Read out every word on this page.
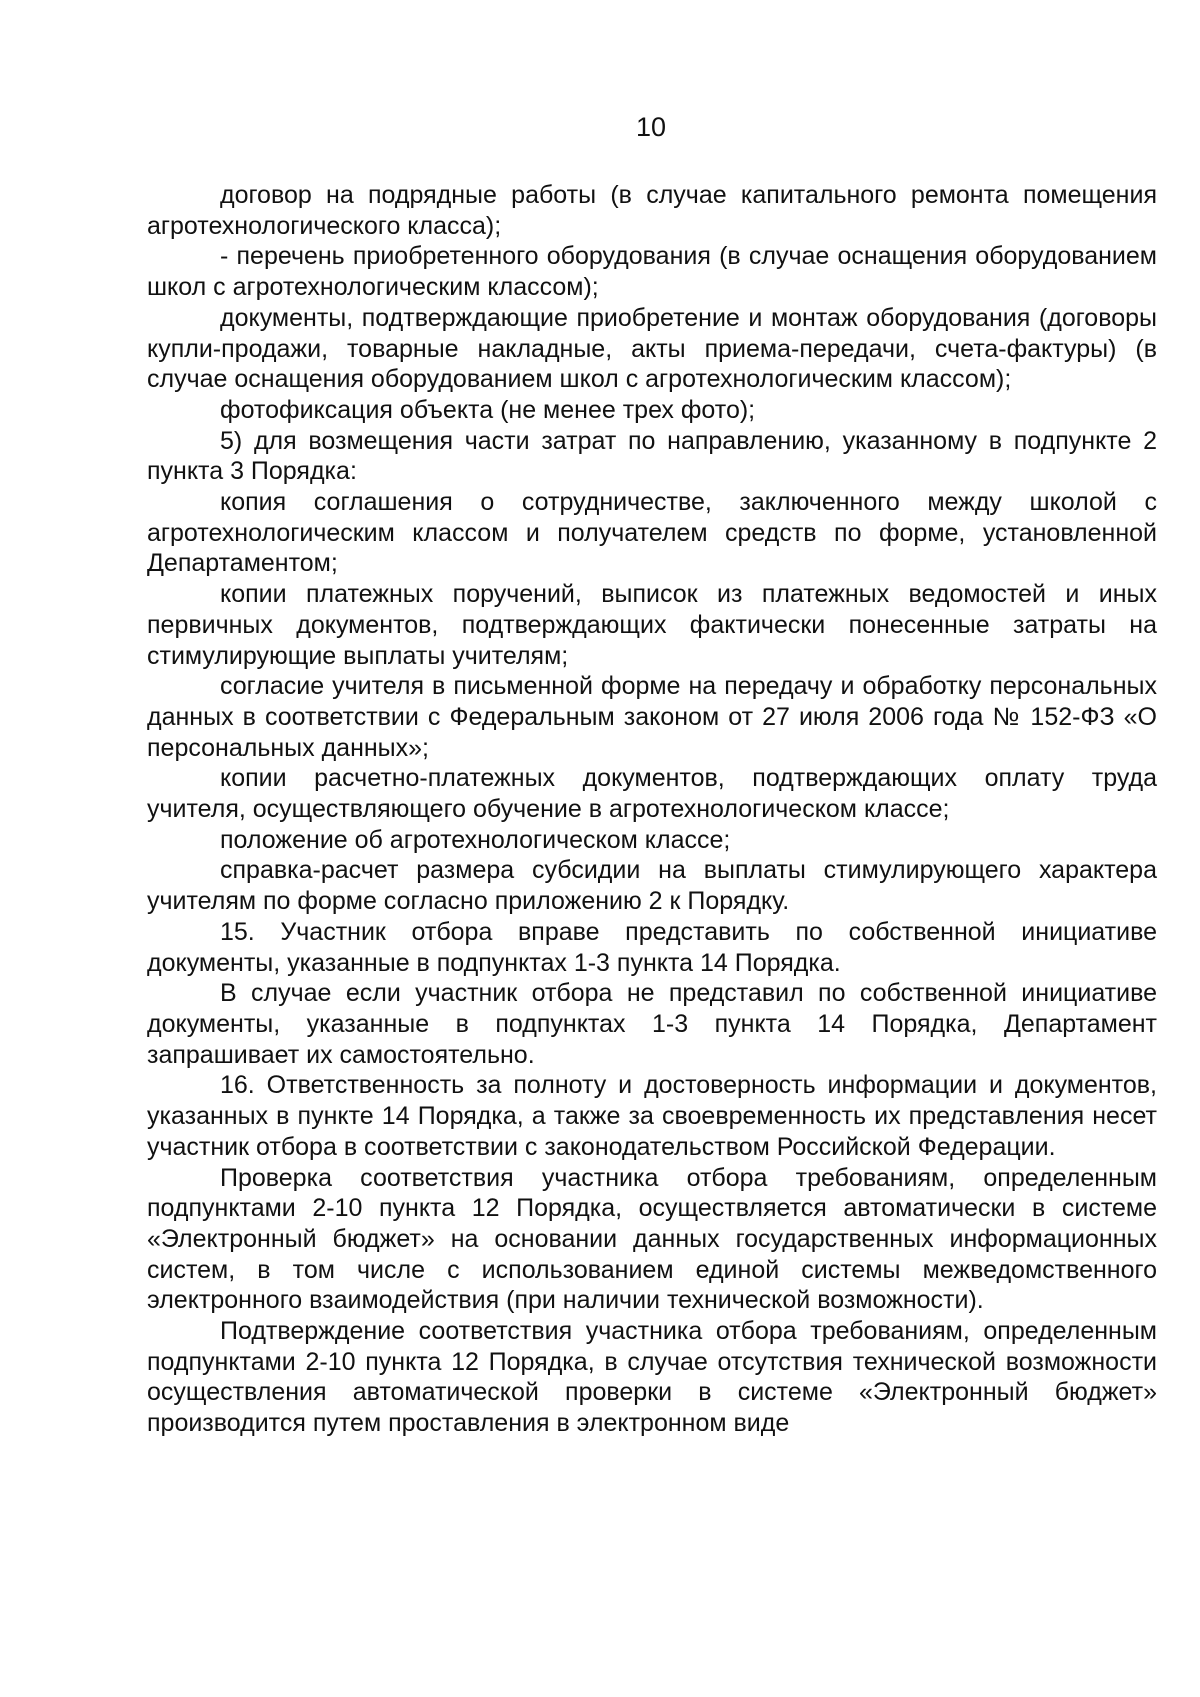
10

договор на подрядные работы (в случае капитального ремонта помещения агротехнологического класса);

- перечень приобретенного оборудования (в случае оснащения оборудованием школ с агротехнологическим классом);

документы, подтверждающие приобретение и монтаж оборудования (договоры купли-продажи, товарные накладные, акты приема-передачи, счета-фактуры) (в случае оснащения оборудованием школ с агротехнологическим классом);

фотофиксация объекта (не менее трех фото);

5) для возмещения части затрат по направлению, указанному в подпункте 2 пункта 3 Порядка:

копия соглашения о сотрудничестве, заключенного между школой с агротехнологическим классом и получателем средств по форме, установленной Департаментом;

копии платежных поручений, выписок из платежных ведомостей и иных первичных документов, подтверждающих фактически понесенные затраты на стимулирующие выплаты учителям;

согласие учителя в письменной форме на передачу и обработку персональных данных в соответствии с Федеральным законом от 27 июля 2006 года № 152-ФЗ «О персональных данных»;

копии расчетно-платежных документов, подтверждающих оплату труда учителя, осуществляющего обучение в агротехнологическом классе;

положение об агротехнологическом классе;

справка-расчет размера субсидии на выплаты стимулирующего характера учителям по форме согласно приложению 2 к Порядку.

15. Участник отбора вправе представить по собственной инициативе документы, указанные в подпунктах 1-3 пункта 14 Порядка.

В случае если участник отбора не представил по собственной инициативе документы, указанные в подпунктах 1-3 пункта 14 Порядка, Департамент запрашивает их самостоятельно.

16. Ответственность за полноту и достоверность информации и документов, указанных в пункте 14 Порядка, а также за своевременность их представления несет участник отбора в соответствии с законодательством Российской Федерации.

Проверка соответствия участника отбора требованиям, определенным подпунктами 2-10 пункта 12 Порядка, осуществляется автоматически в системе «Электронный бюджет» на основании данных государственных информационных систем, в том числе с использованием единой системы межведомственного электронного взаимодействия (при наличии технической возможности).

Подтверждение соответствия участника отбора требованиям, определенным подпунктами 2-10 пункта 12 Порядка, в случае отсутствия технической возможности осуществления автоматической проверки в системе «Электронный бюджет» производится путем проставления в электронном виде
